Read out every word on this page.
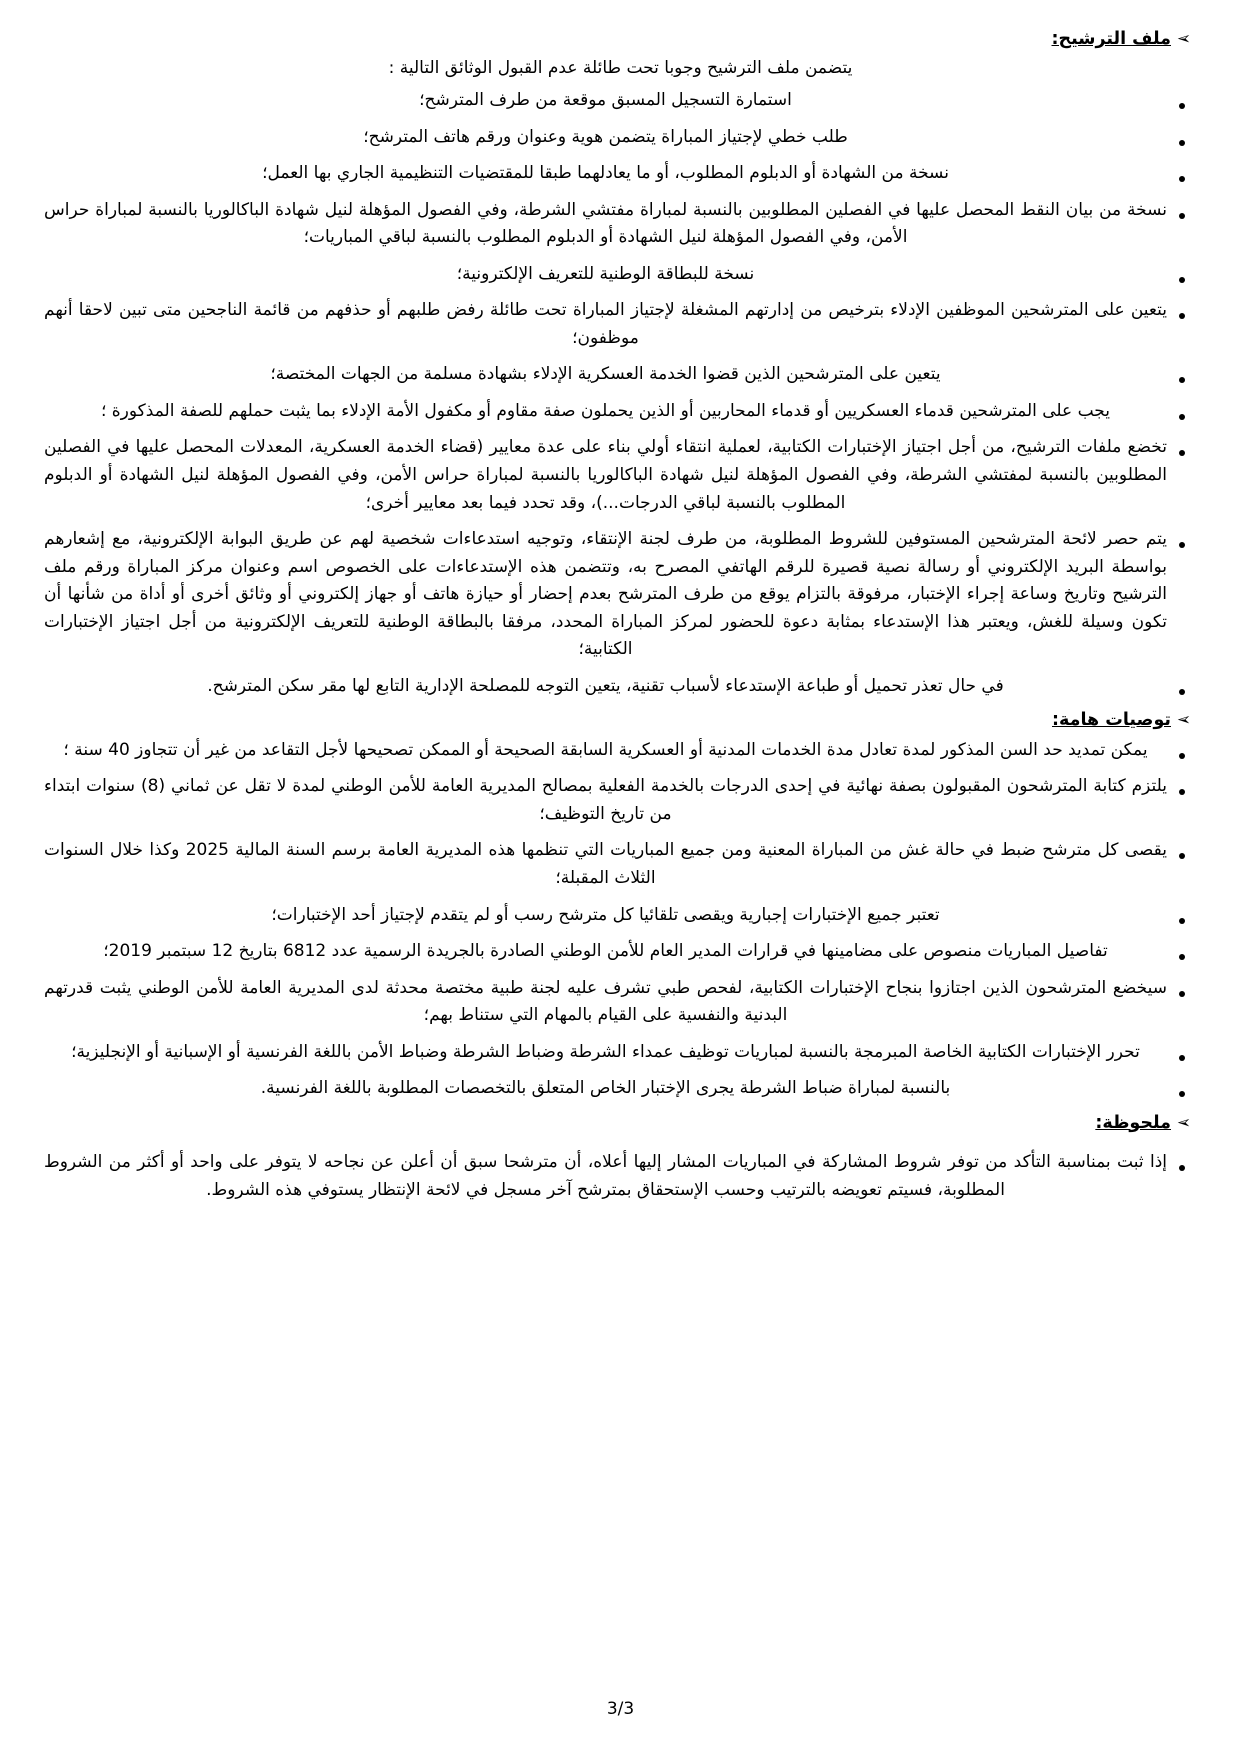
➢
ملف الترشيح:
يتضمن ملف الترشيح وجوبا تحت طائلة عدم القبول الوثائق التالية :
استمارة التسجيل المسبق موقعة من طرف المترشح؛
طلب خطي لإجتياز المباراة يتضمن هوية وعنوان ورقم هاتف المترشح؛
نسخة من الشهادة أو الدبلوم المطلوب، أو ما يعادلهما طبقا للمقتضيات التنظيمية الجاري بها العمل؛
نسخة من بيان النقط المحصل عليها في الفصلين المطلوبين بالنسبة لمباراة مفتشي الشرطة، وفي الفصول المؤهلة لنيل شهادة الباكالوريا بالنسبة لمباراة حراس الأمن، وفي الفصول المؤهلة لنيل الشهادة أو الدبلوم المطلوب بالنسبة لباقي المباريات؛
نسخة للبطاقة الوطنية للتعريف الإلكترونية؛
يتعين على المترشحين الموظفين الإدلاء بترخيص من إدارتهم المشغلة لإجتياز المباراة تحت طائلة رفض طلبهم أو حذفهم من قائمة الناجحين متى تبين لاحقا أنهم موظفون؛
يتعين على المترشحين الذين قضوا الخدمة العسكرية الإدلاء بشهادة مسلمة من الجهات المختصة؛
يجب على المترشحين قدماء العسكريين أو قدماء المحاربين أو الذين يحملون صفة مقاوم أو مكفول الأمة الإدلاء بما يثبت حملهم للصفة المذكورة ؛
تخضع ملفات الترشيح، من أجل اجتياز الإختبارات الكتابية، لعملية انتقاء أولي بناء على عدة معايير (قضاء الخدمة العسكرية، المعدلات المحصل عليها في الفصلين المطلوبين بالنسبة لمفتشي الشرطة، وفي الفصول المؤهلة لنيل شهادة الباكالوريا بالنسبة لمباراة حراس الأمن، وفي الفصول المؤهلة لنيل الشهادة أو الدبلوم المطلوب بالنسبة لباقي الدرجات...)، وقد تحدد فيما بعد معايير أخرى؛
يتم حصر لائحة المترشحين المستوفين للشروط المطلوبة، من طرف لجنة الإنتقاء، وتوجيه استدعاءات شخصية لهم عن طريق البوابة الإلكترونية، مع إشعارهم بواسطة البريد الإلكتروني أو رسالة نصية قصيرة للرقم الهاتفي المصرح به، وتتضمن هذه الإستدعاءات على الخصوص اسم وعنوان مركز المباراة ورقم ملف الترشيح وتاريخ وساعة إجراء الإختبار، مرفوقة بالتزام يوقع من طرف المترشح بعدم إحضار أو حيازة هاتف أو جهاز إلكتروني أو وثائق أخرى أو أداة من شأنها أن تكون وسيلة للغش، ويعتبر هذا الإستدعاء بمثابة دعوة للحضور لمركز المباراة المحدد، مرفقا بالبطاقة الوطنية للتعريف الإلكترونية من أجل اجتياز الإختبارات الكتابية؛
في حال تعذر تحميل أو طباعة الإستدعاء لأسباب تقنية، يتعين التوجه للمصلحة الإدارية التابع لها مقر سكن المترشح.
➢
توصيات هامة:
يمكن تمديد حد السن المذكور لمدة تعادل مدة الخدمات المدنية أو العسكرية السابقة الصحيحة أو الممكن تصحيحها لأجل التقاعد من غير أن تتجاوز 40 سنة ؛
يلتزم كتابة المترشحون المقبولون بصفة نهائية في إحدى الدرجات بالخدمة الفعلية بمصالح المديرية العامة للأمن الوطني لمدة لا تقل عن ثماني (8) سنوات ابتداء من تاريخ التوظيف؛
يقصى كل مترشح ضبط في حالة غش من المباراة المعنية ومن جميع المباريات التي تنظمها هذه المديرية العامة برسم السنة المالية 2025 وكذا خلال السنوات الثلاث المقبلة؛
تعتبر جميع الإختبارات إجبارية ويقصى تلقائيا كل مترشح رسب أو لم يتقدم لإجتياز أحد الإختبارات؛
تفاصيل المباريات منصوص على مضامينها في قرارات المدير العام للأمن الوطني الصادرة بالجريدة الرسمية عدد 6812 بتاريخ 12 سبتمبر 2019؛
سيخضع المترشحون الذين اجتازوا بنجاح الإختبارات الكتابية، لفحص طبي تشرف عليه لجنة طبية مختصة محدثة لدى المديرية العامة للأمن الوطني يثبت قدرتهم البدنية والنفسية على القيام بالمهام التي ستناط بهم؛
تحرر الإختبارات الكتابية الخاصة المبرمجة بالنسبة لمباريات توظيف عمداء الشرطة وضباط الشرطة وضباط الأمن باللغة الفرنسية أو الإسبانية أو الإنجليزية؛
بالنسبة لمباراة ضباط الشرطة يجرى الإختبار الخاص المتعلق بالتخصصات المطلوبة باللغة الفرنسية.
➢
ملحوظة:
إذا ثبت بمناسبة التأكد من توفر شروط المشاركة في المباريات المشار إليها أعلاه، أن مترشحا سبق أن أعلن عن نجاحه لا يتوفر على واحد أو أكثر من الشروط المطلوبة، فسيتم تعويضه بالترتيب وحسب الإستحقاق بمترشح آخر مسجل في لائحة الإنتظار يستوفي هذه الشروط.
3/3
